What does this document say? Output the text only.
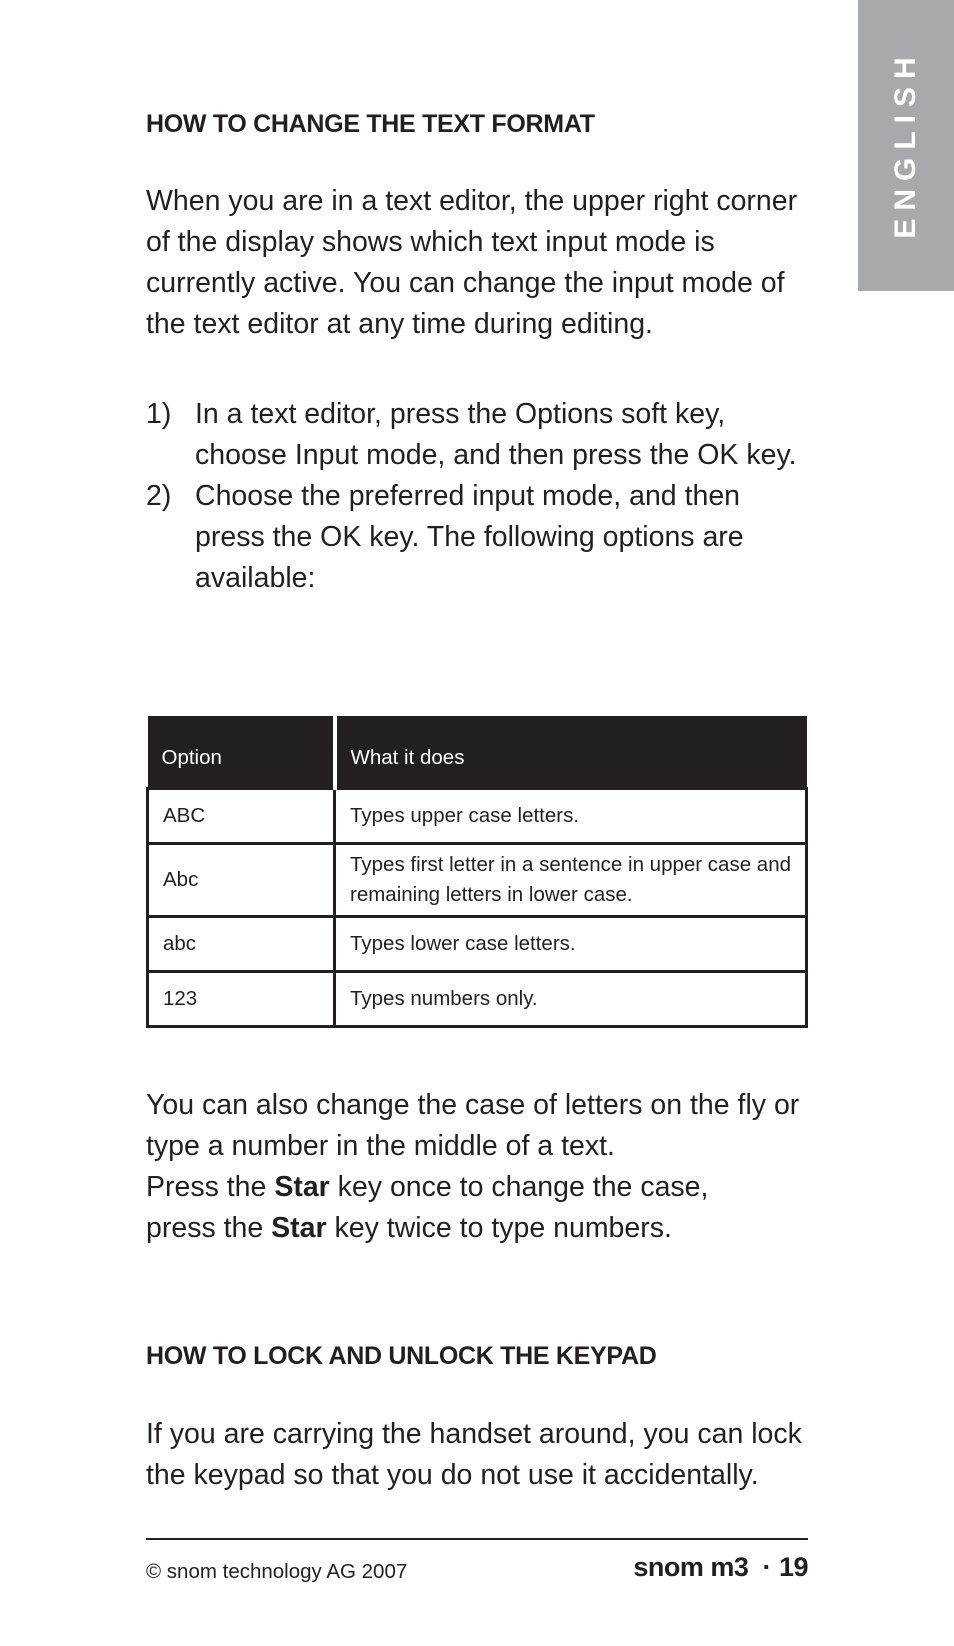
ENGLISH
HOW TO CHANGE THE TEXT FORMAT

When you are in a text editor, the upper right corner of the display shows which text input mode is currently active. You can change the input mode of the text editor at any time during editing.

1) In a text editor, press the Options soft key, choose Input mode, and then press the OK key.
2) Choose the preferred input mode, and then press the OK key. The following options are available:
Option	What it does
ABC	Types upper case letters.
Abc	Types first letter in a sentence in upper case and remaining letters in lower case.
abc	Types lower case letters.
123	Types numbers only.

You can also change the case of letters on the fly or type a number in the middle of a text.
Press the Star key once to change the case,
press the Star key twice to type numbers.

HOW TO LOCK AND UNLOCK THE KEYPAD

If you are carrying the handset around, you can lock the keypad so that you do not use it accidentally.

© snom technology AG 2007	snom m3 · 19
